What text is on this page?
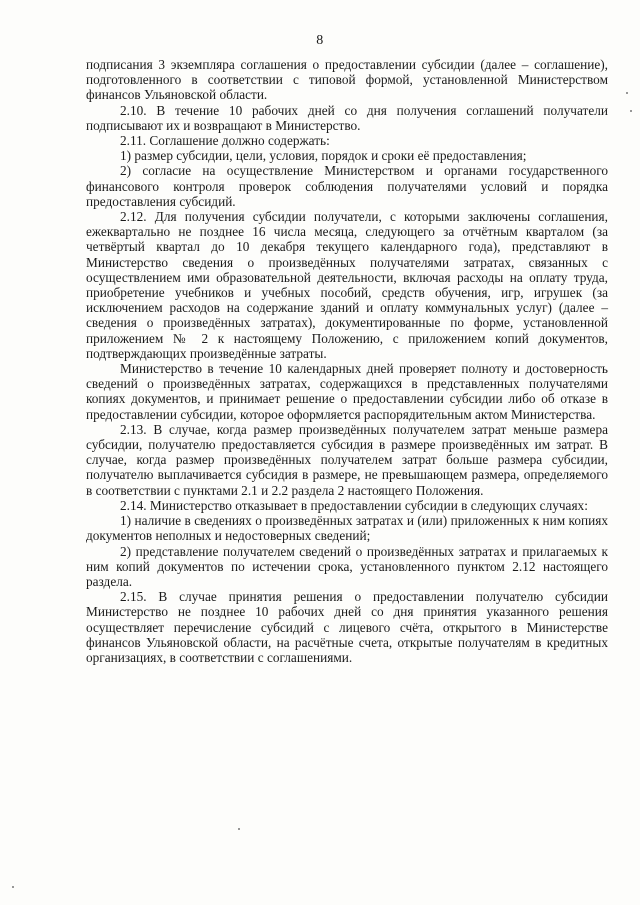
8

подписания 3 экземпляра соглашения о предоставлении субсидии (далее – соглашение), подготовленного в соответствии с типовой формой, установленной Министерством финансов Ульяновской области.

2.10. В течение 10 рабочих дней со дня получения соглашений получатели подписывают их и возвращают в Министерство.

2.11. Соглашение должно содержать:

1) размер субсидии, цели, условия, порядок и сроки её предоставления;

2) согласие на осуществление Министерством и органами государственного финансового контроля проверок соблюдения получателями условий и порядка предоставления субсидий.

2.12. Для получения субсидии получатели, с которыми заключены соглашения, ежеквартально не позднее 16 числа месяца, следующего за отчётным кварталом (за четвёртый квартал до 10 декабря текущего календарного года), представляют в Министерство сведения о произведённых получателями затратах, связанных с осуществлением ими образовательной деятельности, включая расходы на оплату труда, приобретение учебников и учебных пособий, средств обучения, игр, игрушек (за исключением расходов на содержание зданий и оплату коммунальных услуг) (далее – сведения о произведённых затратах), документированные по форме, установленной приложением № 2 к настоящему Положению, с приложением копий документов, подтверждающих произведённые затраты.

Министерство в течение 10 календарных дней проверяет полноту и достоверность сведений о произведённых затратах, содержащихся в представленных получателями копиях документов, и принимает решение о предоставлении субсидии либо об отказе в предоставлении субсидии, которое оформляется распорядительным актом Министерства.

2.13. В случае, когда размер произведённых получателем затрат меньше размера субсидии, получателю предоставляется субсидия в размере произведённых им затрат. В случае, когда размер произведённых получателем затрат больше размера субсидии, получателю выплачивается субсидия в размере, не превышающем размера, определяемого в соответствии с пунктами 2.1 и 2.2 раздела 2 настоящего Положения.

2.14. Министерство отказывает в предоставлении субсидии в следующих случаях:

1) наличие в сведениях о произведённых затратах и (или) приложенных к ним копиях документов неполных и недостоверных сведений;

2) представление получателем сведений о произведённых затратах и прилагаемых к ним копий документов по истечении срока, установленного пунктом 2.12 настоящего раздела.

2.15. В случае принятия решения о предоставлении получателю субсидии Министерство не позднее 10 рабочих дней со дня принятия указанного решения осуществляет перечисление субсидий с лицевого счёта, открытого в Министерстве финансов Ульяновской области, на расчётные счета, открытые получателям в кредитных организациях, в соответствии с соглашениями.
